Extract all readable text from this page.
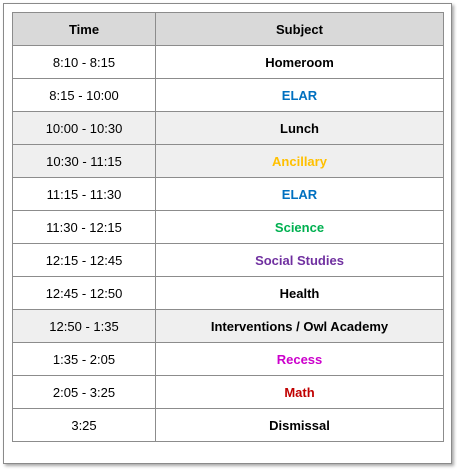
Time	Subject
8:10 - 8:15	Homeroom
8:15 - 10:00	ELAR
10:00 - 10:30	Lunch
10:30 - 11:15	Ancillary
11:15 - 11:30	ELAR
11:30 - 12:15	Science
12:15 - 12:45	Social Studies
12:45 - 12:50	Health
12:50 - 1:35	Interventions / Owl Academy
1:35 - 2:05	Recess
2:05 - 3:25	Math
3:25	Dismissal
